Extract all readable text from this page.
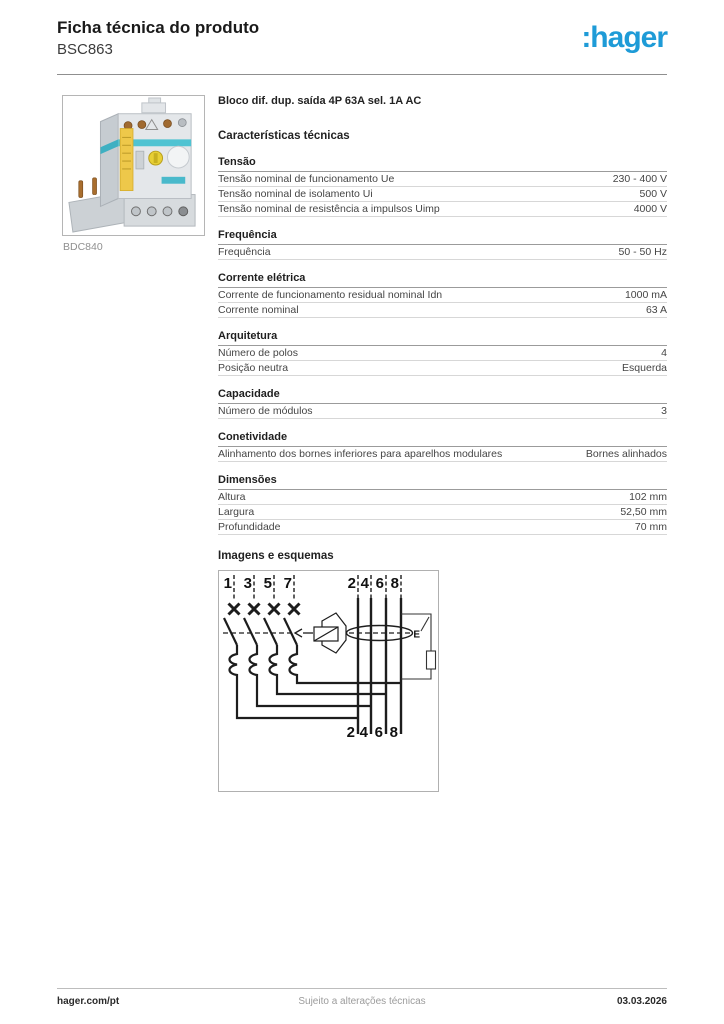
Ficha técnica do produto
BSC863	:hager
BDC840
Bloco dif. dup. saída 4P 63A sel. 1A AC
Características técnicas
Tensão
Tensão nominal de funcionamento Ue	230 - 400 V
Tensão nominal de isolamento Ui	500 V
Tensão nominal de resistência a impulsos Uimp	4000 V
Frequência
Frequência	50 - 50 Hz
Corrente elétrica
Corrente de funcionamento residual nominal Idn	1000 mA
Corrente nominal	63 A
Arquitetura
Número de polos	4
Posição neutra	Esquerda
Capacidade
Número de módulos	3
Conetividade
Alinhamento dos bornes inferiores para aparelhos modulares	Bornes alinhados
Dimensões
Altura	102 mm
Largura	52,50 mm
Profundidade	70 mm
Imagens e esquemas
1 3 5 7	2 4 6 8
2 4 6 8
E
hager.com/pt	Sujeito a alterações técnicas	03.03.2026
